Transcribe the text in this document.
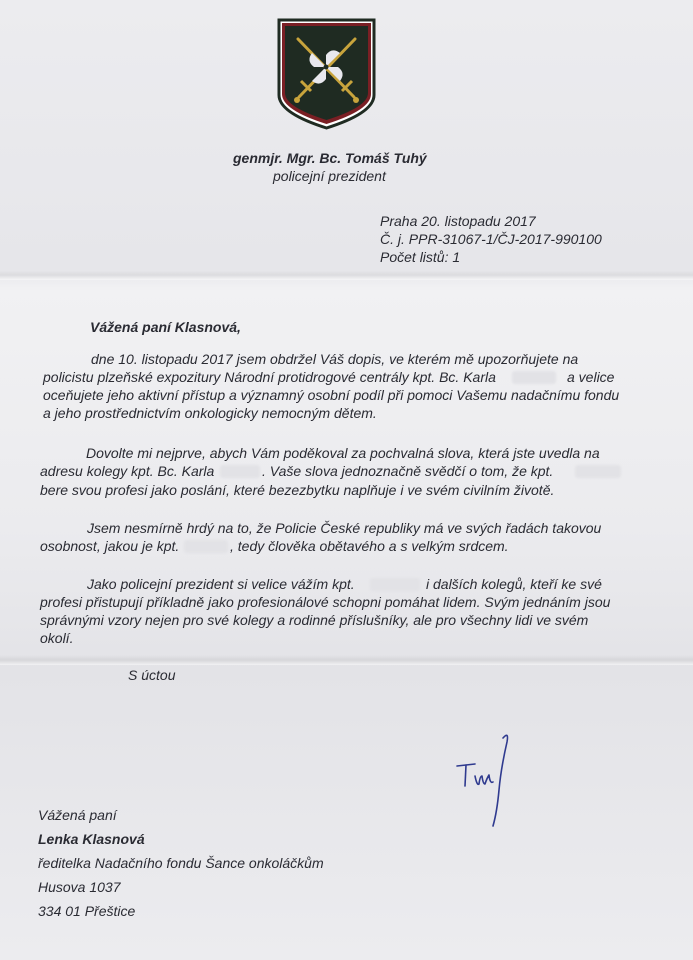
genmjr. Mgr. Bc. Tomáš Tuhý
policejní prezident
Praha 20. listopadu 2017
Č. j. PPR-31067-1/ČJ-2017-990100
Počet listů: 1
Vážená paní Klasnová,
dne 10. listopadu 2017 jsem obdržel Váš dopis, ve kterém mě upozorňujete na
policistu plzeňské expozitury Národní protidrogové centrály kpt. Bc. Karla	a velice
oceňujete jeho aktivní přístup a významný osobní podíl při pomoci Vašemu nadačnímu fondu
a jeho prostřednictvím onkologicky nemocným dětem.
Dovolte mi nejprve, abych Vám poděkoval za pochvalná slova, která jste uvedla na
adresu kolegy kpt. Bc. Karla	. Vaše slova jednoznačně svědčí o tom, že kpt.
bere svou profesi jako poslání, které bezezbytku naplňuje i ve svém civilním životě.
Jsem nesmírně hrdý na to, že Policie České republiky má ve svých řadách takovou
osobnost, jakou je kpt.	, tedy člověka obětavého a s velkým srdcem.
Jako policejní prezident si velice vážím kpt.	i dalších kolegů, kteří ke své
profesi přistupují příkladně jako profesionálové schopni pomáhat lidem. Svým jednáním jsou
správnými vzory nejen pro své kolegy a rodinné příslušníky, ale pro všechny lidi ve svém
okolí.
S úctou
Vážená paní
Lenka Klasnová
ředitelka Nadačního fondu Šance onkoláčkům
Husova 1037
334 01 Přeštice
